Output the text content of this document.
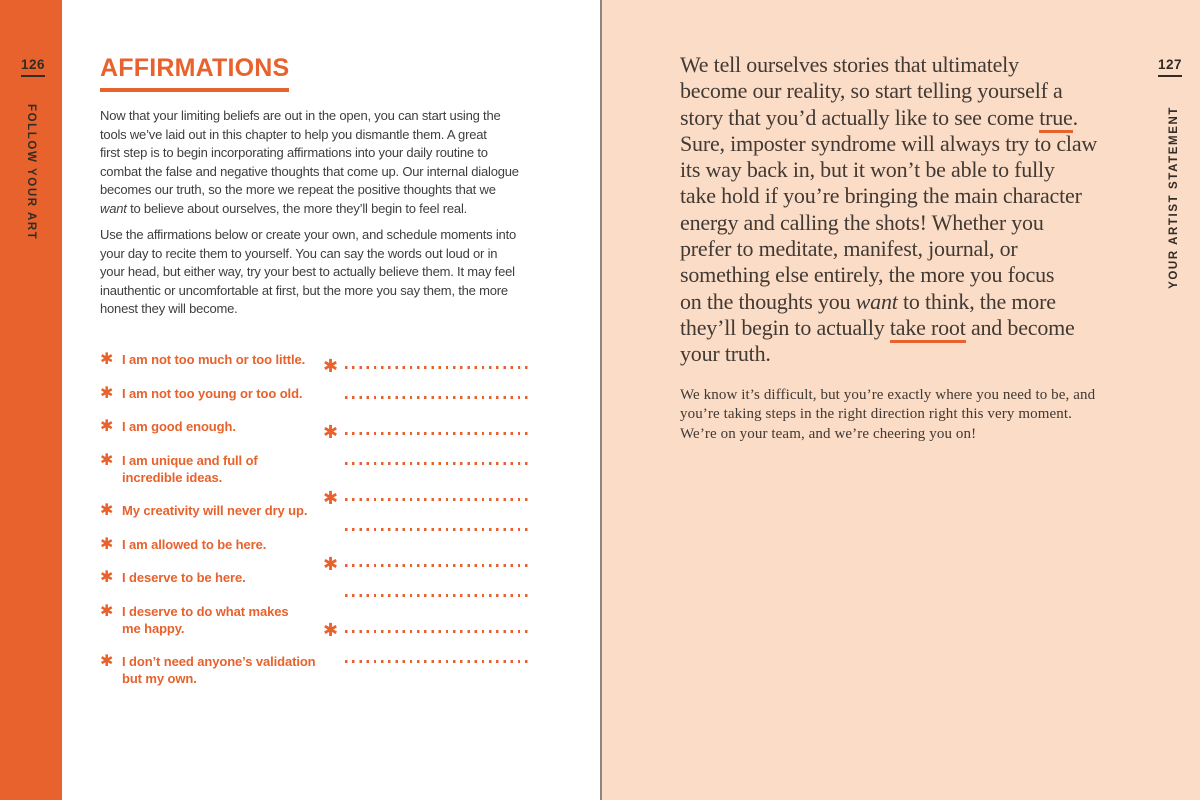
126
FOLLOW YOUR ART
AFFIRMATIONS
Now that your limiting beliefs are out in the open, you can start using the
tools we’ve laid out in this chapter to help you dismantle them. A great
first step is to begin incorporating affirmations into your daily routine to
combat the false and negative thoughts that come up. Our internal dialogue
becomes our truth, so the more we repeat the positive thoughts that we
want to believe about ourselves, the more they’ll begin to feel real.
Use the affirmations below or create your own, and schedule moments into
your day to recite them to yourself. You can say the words out loud or in
your head, but either way, try your best to actually believe them. It may feel
inauthentic or uncomfortable at first, but the more you say them, the more
honest they will become.
✱ I am not too much or too little.
✱ I am not too young or too old.
✱ I am good enough.
✱ I am unique and full of
incredible ideas.
✱ My creativity will never dry up.
✱ I am allowed to be here.
✱ I deserve to be here.
✱ I deserve to do what makes
me happy.
✱ I don’t need anyone’s validation
but my own.
✱
✱
✱
✱
✱
127
YOUR ARTIST STATEMENT
We tell ourselves stories that ultimately
become our reality, so start telling yourself a
story that you’d actually like to see come true.
Sure, imposter syndrome will always try to claw
its way back in, but it won’t be able to fully
take hold if you’re bringing the main character
energy and calling the shots! Whether you
prefer to meditate, manifest, journal, or
something else entirely, the more you focus
on the thoughts you want to think, the more
they’ll begin to actually take root and become
your truth.
We know it’s difficult, but you’re exactly where you need to be, and
you’re taking steps in the right direction right this very moment.
We’re on your team, and we’re cheering you on!
